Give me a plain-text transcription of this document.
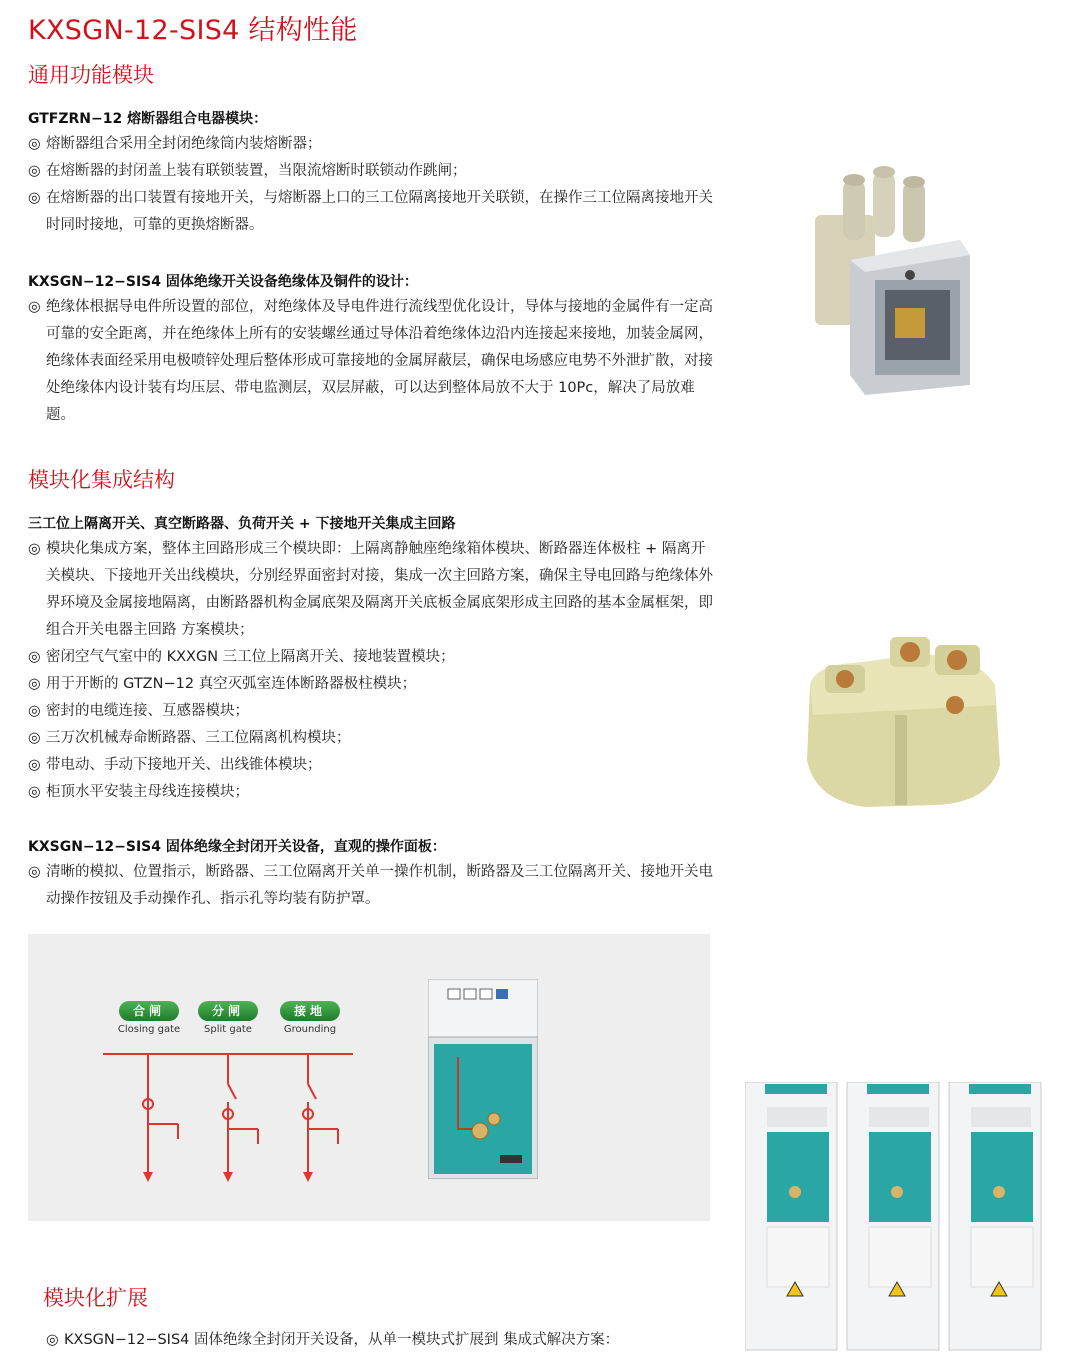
KXSGN-12-SIS4 结构性能
通用功能模块
模块化集成结构
模块化扩展
GTFZRN−12 熔断器组合电器模块：
◎ 熔断器组合采用全封闭绝缘筒内装熔断器；
◎ 在熔断器的封闭盖上装有联锁装置，当限流熔断时联锁动作跳闸；
◎ 在熔断器的出口装置有接地开关，与熔断器上口的三工位隔离接地开关联锁，在操作三工位隔离接地开关时同时接地，可靠的更换熔断器。
KXSGN−12−SIS4 固体绝缘开关设备绝缘体及铜件的设计：
◎ 绝缘体根据导电件所设置的部位，对绝缘体及导电件进行流线型优化设计，导体与接地的金属件有一定高可靠的安全距离，并在绝缘体上所有的安装螺丝通过导体沿着绝缘体边沿内连接起来接地，加装金属网，绝缘体表面经采用电极喷锌处理后整体形成可靠接地的金属屏蔽层，确保电场感应电势不外泄扩散，对接处绝缘体内设计装有均压层、带电监测层，双层屏蔽，可以达到整体局放不大于 10Pc，解决了局放难题。
三工位上隔离开关、真空断路器、负荷开关 + 下接地开关集成主回路
◎ 模块化集成方案，整体主回路形成三个模块即：上隔离静触座绝缘箱体模块、断路器连体极柱 + 隔离开关模块、下接地开关出线模块，分别经界面密封对接，集成一次主回路方案，确保主导电回路与绝缘体外界环境及金属接地隔离，由断路器机构金属底架及隔离开关底板金属底架形成主回路的基本金属框架，即组合开关电器主回路 方案模块；
◎ 密闭空气气室中的 KXXGN 三工位上隔离开关、接地装置模块；
◎ 用于开断的 GTZN−12 真空灭弧室连体断路器极柱模块；
◎ 密封的电缆连接、互感器模块；
◎ 三万次机械寿命断路器、三工位隔离机构模块；
◎ 带电动、手动下接地开关、出线锥体模块；
◎ 柜顶水平安装主母线连接模块；
KXSGN−12−SIS4 固体绝缘全封闭开关设备，直观的操作面板：
◎ 清晰的模拟、位置指示，断路器、三工位隔离开关单一操作机制，断路器及三工位隔离开关、接地开关电动操作按钮及手动操作孔、指示孔等均装有防护罩。
◎ KXSGN−12−SIS4 固体绝缘全封闭开关设备，从单一模块式扩展到 集成式解决方案：
合闸
Closing gate
分闸
Split gate
接地
Grounding
